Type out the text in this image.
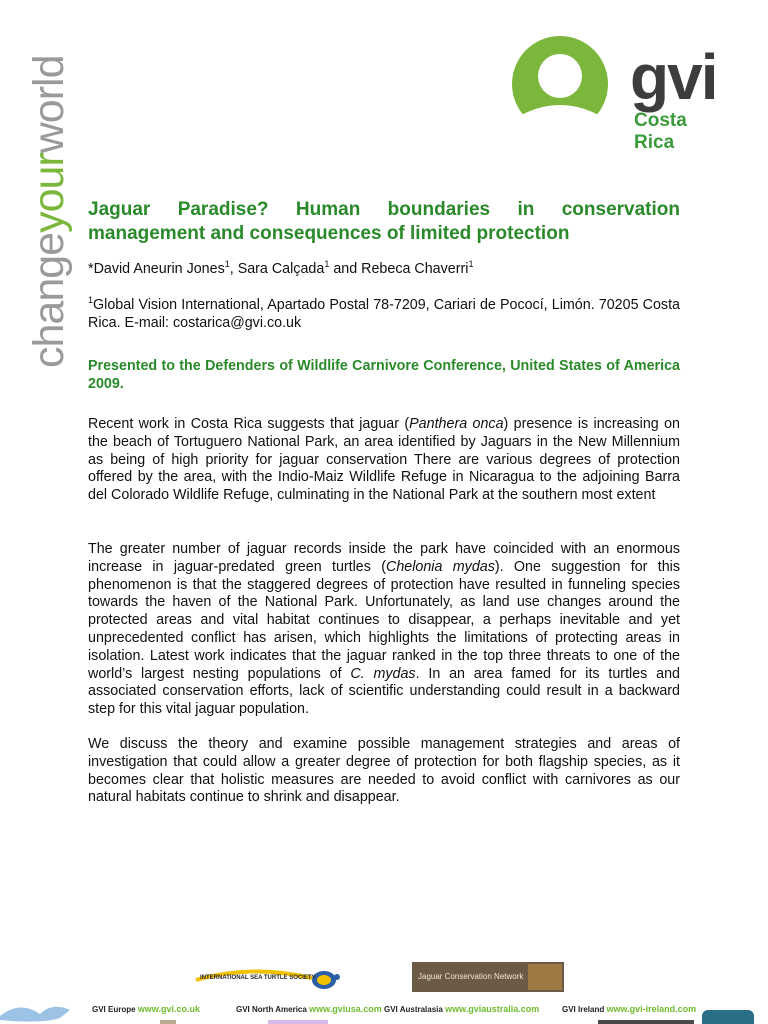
changeyourworld	gvi
Costa Rica
Jaguar Paradise? Human boundaries in conservation management and consequences of limited protection
*David Aneurin Jones$^1$, Sara Calçada$^1$ and Rebeca Chaverri$^1$
$^1$Global Vision International, Apartado Postal 78-7209, Cariari de Pococí, Limón. 70205 Costa Rica. E-mail: costarica@gvi.co.uk
Presented to the Defenders of Wildlife Carnivore Conference, United States of America 2009.
Recent work in Costa Rica suggests that jaguar (Panthera onca) presence is increasing on the beach of Tortuguero National Park, an area identified by Jaguars in the New Millennium as being of high priority for jaguar conservation There are various degrees of protection offered by the area, with the Indio-Maiz Wildlife Refuge in Nicaragua to the adjoining Barra del Colorado Wildlife Refuge, culminating in the National Park at the southern most extent
The greater number of jaguar records inside the park have coincided with an enormous increase in jaguar-predated green turtles (Chelonia mydas). One suggestion for this phenomenon is that the staggered degrees of protection have resulted in funneling species towards the haven of the National Park. Unfortunately, as land use changes around the protected areas and vital habitat continues to disappear, a perhaps inevitable and yet unprecedented conflict has arisen, which highlights the limitations of protecting areas in isolation. Latest work indicates that the jaguar ranked in the top three threats to one of the world’s largest nesting populations of C. mydas. In an area famed for its turtles and associated conservation efforts, lack of scientific understanding could result in a backward step for this vital jaguar population.
We discuss the theory and examine possible management strategies and areas of investigation that could allow a greater degree of protection for both flagship species, as it becomes clear that holistic measures are needed to avoid conflict with carnivores as our natural habitats continue to shrink and disappear.
INTERNATIONAL SEA TURTLE SOCIETY	Jaguar Conservation Network
GVI Europe www.gvi.co.uk	GVI North America www.gviusa.com GVI Australasia www.gviaustralia.com	GVI Ireland www.gvi-ireland.com
